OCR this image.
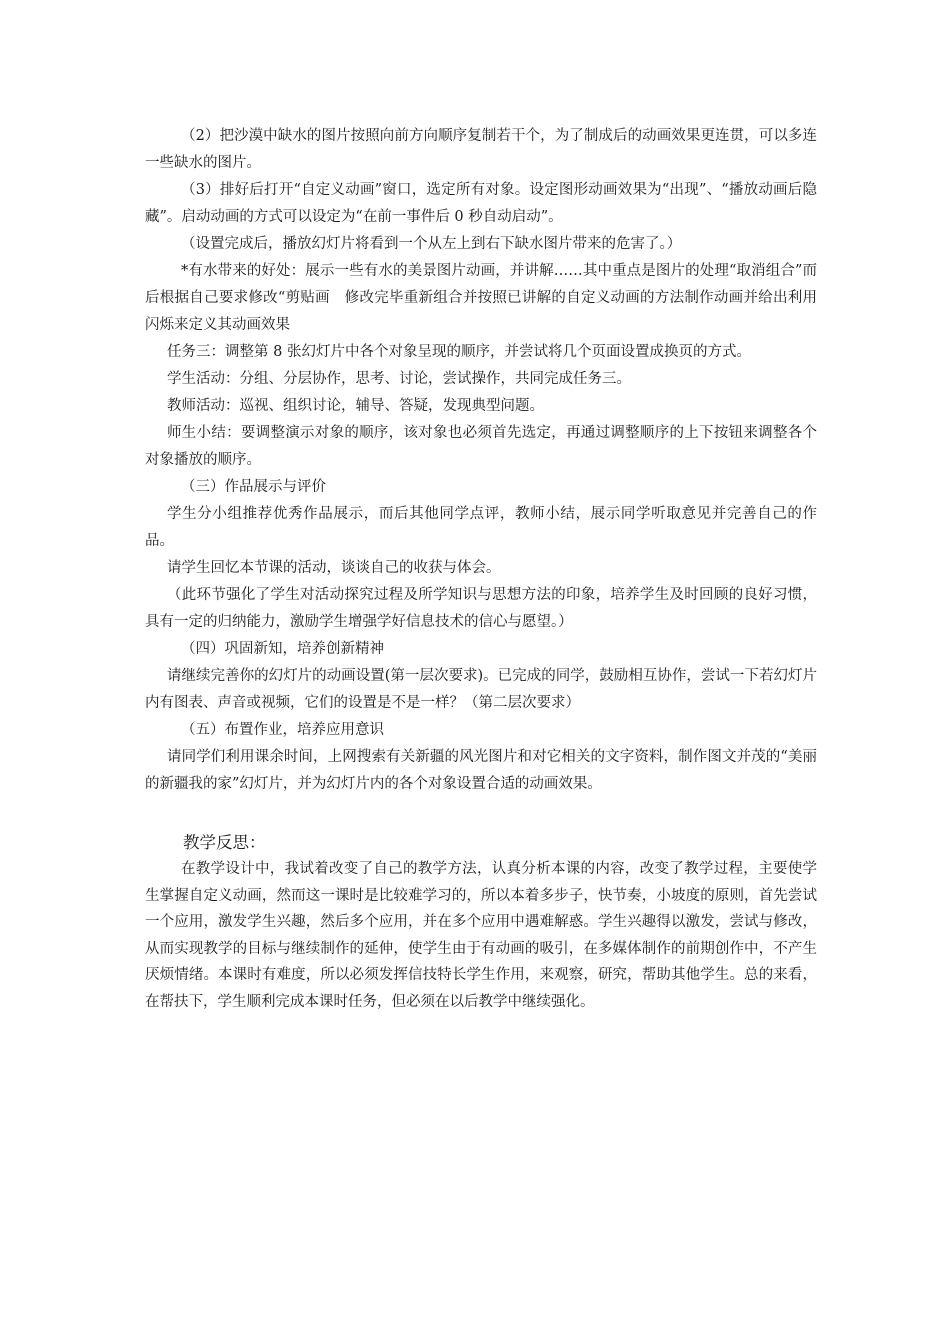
（2）把沙漠中缺水的图片按照向前方向顺序复制若干个，为了制成后的动画效果更连贯，可以多连一些缺水的图片。

（3）排好后打开“自定义动画”窗口，选定所有对象。设定图形动画效果为“出现”、“播放动画后隐藏”。启动动画的方式可以设定为“在前一事件后 0 秒自动启动”。

（设置完成后，播放幻灯片将看到一个从左上到右下缺水图片带来的危害了。）

*有水带来的好处：展示一些有水的美景图片动画，并讲解……其中重点是图片的处理“取消组合”而后根据自己要求修改“剪贴画　修改完毕重新组合并按照已讲解的自定义动画的方法制作动画并给出利用闪烁来定义其动画效果

任务三：调整第 8 张幻灯片中各个对象呈现的顺序，并尝试将几个页面设置成换页的方式。

学生活动：分组、分层协作，思考、讨论，尝试操作，共同完成任务三。

教师活动：巡视、组织讨论，辅导、答疑，发现典型问题。

师生小结：要调整演示对象的顺序，该对象也必须首先选定，再通过调整顺序的上下按钮来调整各个对象播放的顺序。

（三）作品展示与评价

学生分小组推荐优秀作品展示，而后其他同学点评，教师小结，展示同学听取意见并完善自己的作品。

请学生回忆本节课的活动，谈谈自己的收获与体会。

（此环节强化了学生对活动探究过程及所学知识与思想方法的印象，培养学生及时回顾的良好习惯，具有一定的归纳能力，激励学生增强学好信息技术的信心与愿望。）

（四）巩固新知，培养创新精神

请继续完善你的幻灯片的动画设置(第一层次要求)。已完成的同学，鼓励相互协作，尝试一下若幻灯片内有图表、声音或视频，它们的设置是不是一样？（第二层次要求）

（五）布置作业，培养应用意识

请同学们利用课余时间，上网搜索有关新疆的风光图片和对它相关的文字资料，制作图文并茂的“美丽的新疆我的家”幻灯片，并为幻灯片内的各个对象设置合适的动画效果。

教学反思：

在教学设计中，我试着改变了自己的教学方法，认真分析本课的内容，改变了教学过程，主要使学生掌握自定义动画，然而这一课时是比较难学习的，所以本着多步子，快节奏，小坡度的原则，首先尝试一个应用，激发学生兴趣，然后多个应用，并在多个应用中遇难解惑。学生兴趣得以激发，尝试与修改，从而实现教学的目标与继续制作的延伸，使学生由于有动画的吸引，在多媒体制作的前期创作中，不产生厌烦情绪。本课时有难度，所以必须发挥信技特长学生作用，来观察，研究，帮助其他学生。总的来看，在帮扶下，学生顺利完成本课时任务，但必须在以后教学中继续强化。
